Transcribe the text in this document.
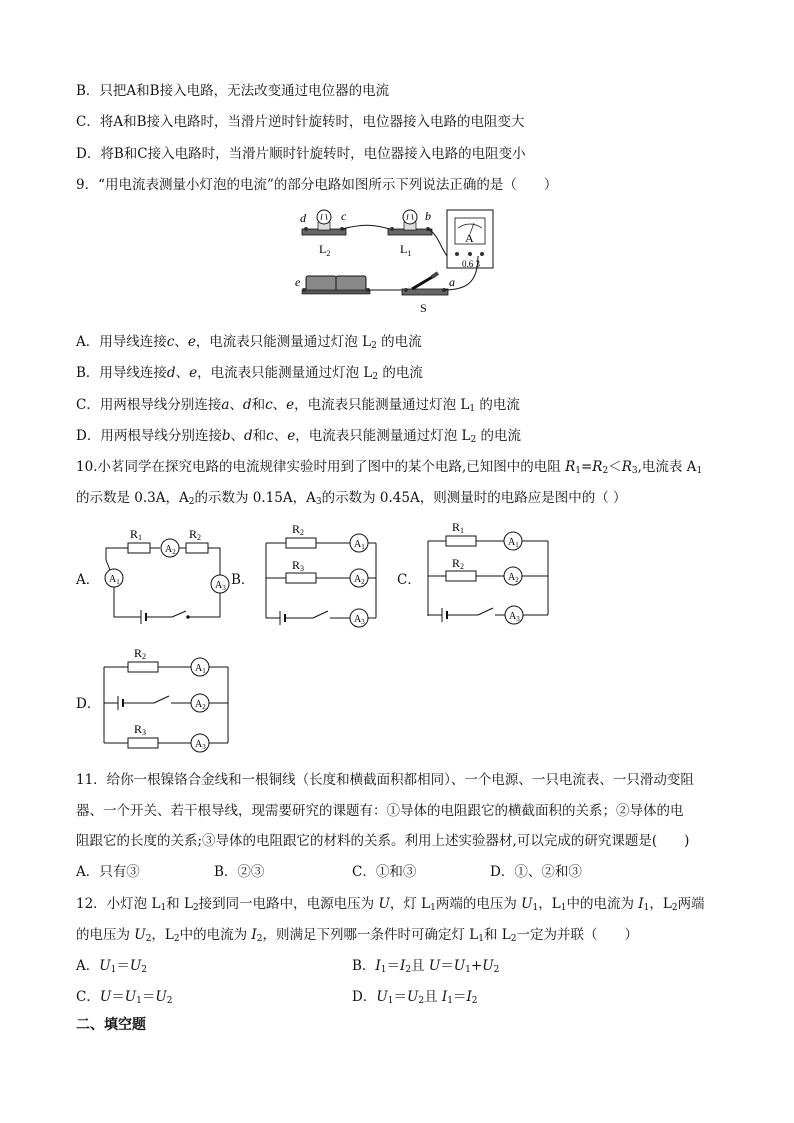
B．只把A和B接入电路，无法改变通过电位器的电流
C．将A和B接入电路时，当滑片逆时针旋转时，电位器接入电路的电阻变大
D．将B和C接入电路时，当滑片顺时针旋转时，电位器接入电路的电阻变小
9．“用电流表测量小灯泡的电流”的部分电路如图所示下列说法正确的是（　　）
d	c
$L_2$
b
$L_1$
A
0.6 3
e	a
S
A．用导线连接c、e，电流表只能测量通过灯泡 $L_2$ 的电流
B．用导线连接d、e，电流表只能测量通过灯泡 $L_2$ 的电流
C．用两根导线分别连接a、d和c、e，电流表只能测量通过灯泡 $L_1$ 的电流
D．用两根导线分别连接b、d和c、e，电流表只能测量通过灯泡 $L_2$ 的电流
10.小茗同学在探究电路的电流规律实验时用到了图中的某个电路,已知图中的电阻 $R_1=R_2<R_3$,电流表 $A_1$
的示数是 0.3A，$A_2$的示数为 0.15A，$A_3$的示数为 0.45A，则测量时的电路应是图中的（ ）
A．
R1	R2
$A_2$
$A_1$	$A_3$ B．
R2
R3
$A_1$
$A_2$
$A_3$
C．
R1
R2
$A_1$
$A_2$
$A_3$
D．
R2
R3
$A_1$
$A_2$
$A_3$
11．给你一根镍铬合金线和一根铜线（长度和横截面积都相同）、一个电源、一只电流表、一只滑动变阻
器、一个开关、若干根导线，现需要研究的课题有：①导体的电阻跟它的横截面积的关系；②导体的电
阻跟它的长度的关系;③导体的电阻跟它的材料的关系。利用上述实验器材,可以完成的研究课题是(　　)
A．只有③	B．②③	C．①和③	D．①、②和③
12．小灯泡 $L_1$和 $L_2$接到同一电路中，电源电压为 U，灯 $L_1$两端的电压为 $U_1$，$L_1$中的电流为 $I_1$，$L_2$两端
的电压为 $U_2$，$L_2$中的电流为 $I_2$，则满足下列哪一条件时可确定灯 $L_1$和 $L_2$一定为并联（　　）
A．$U_1=U_2$	B．$I_1=I_2$且 $U=U_1+U_2$
C．$U=U_1=U_2$	D．$U_1=U_2$且 $I_1=I_2$
二、填空题
